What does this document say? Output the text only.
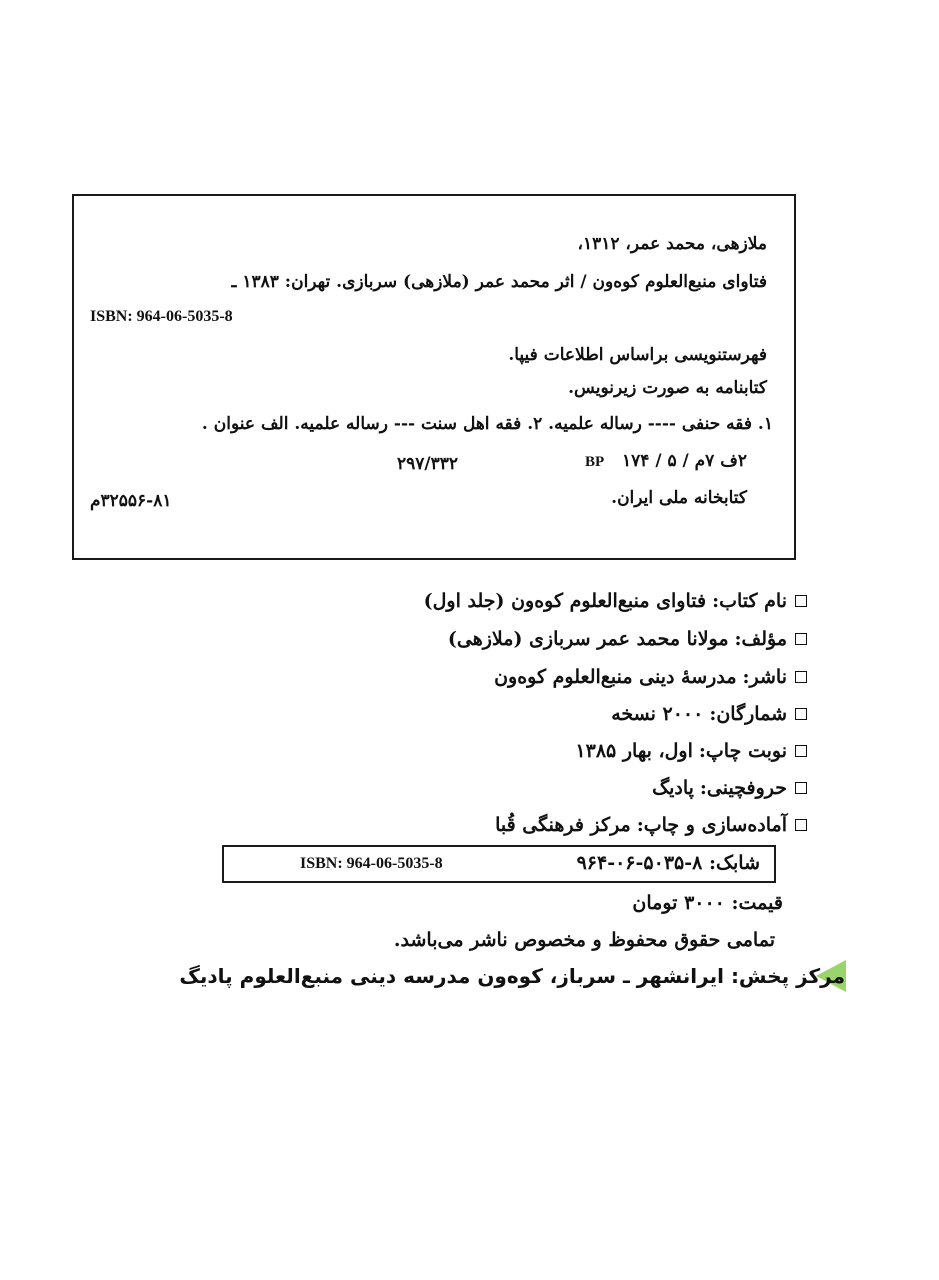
ملازهی، محمد عمر، ۱۳۱۲،
فتاوای منبع‌العلوم کوه‌ون / اثر محمد عمر (ملازهی) سربازی. تهران: ۱۳۸۳ ـ
ISBN: 964-06-5035-8
فهرستنویسی براساس اطلاعات فیپا.
کتابنامه به صورت زیرنویس.
۱. فقه حنفی ---- رساله علمیه. ۲. فقه اهل سنت --- رساله علمیه. الف عنوان .
۲ف ۷م / ۵ / ۱۷۴
BP
۲۹۷/۳۳۲
کتابخانه ملی ایران.
۳۲۵۵۶-۸۱م
نام کتاب:
فتاوای منبع‌العلوم کوه‌ون (جلد اول)
مؤلف:
مولانا محمد عمر سربازی (ملازهی)
ناشر:
مدرسهٔ دینی منبع‌العلوم کوه‌ون
شمارگان:
۲۰۰۰ نسخه
نوبت چاپ:
اول، بهار ۱۳۸۵
حروفچینی:
پادیگ
آماده‌سازی و چاپ:
مرکز فرهنگی قُبا
شابک: ۸-۵۰۳۵-۰۶-۹۶۴
ISBN: 964-06-5035-8
قیمت: ۳۰۰۰ تومان
تمامی حقوق محفوظ و مخصوص ناشر می‌باشد.
مرکز پخش: ایرانشهر ـ سرباز، کوه‌ون مدرسه دینی منبع‌العلوم پادیگ
